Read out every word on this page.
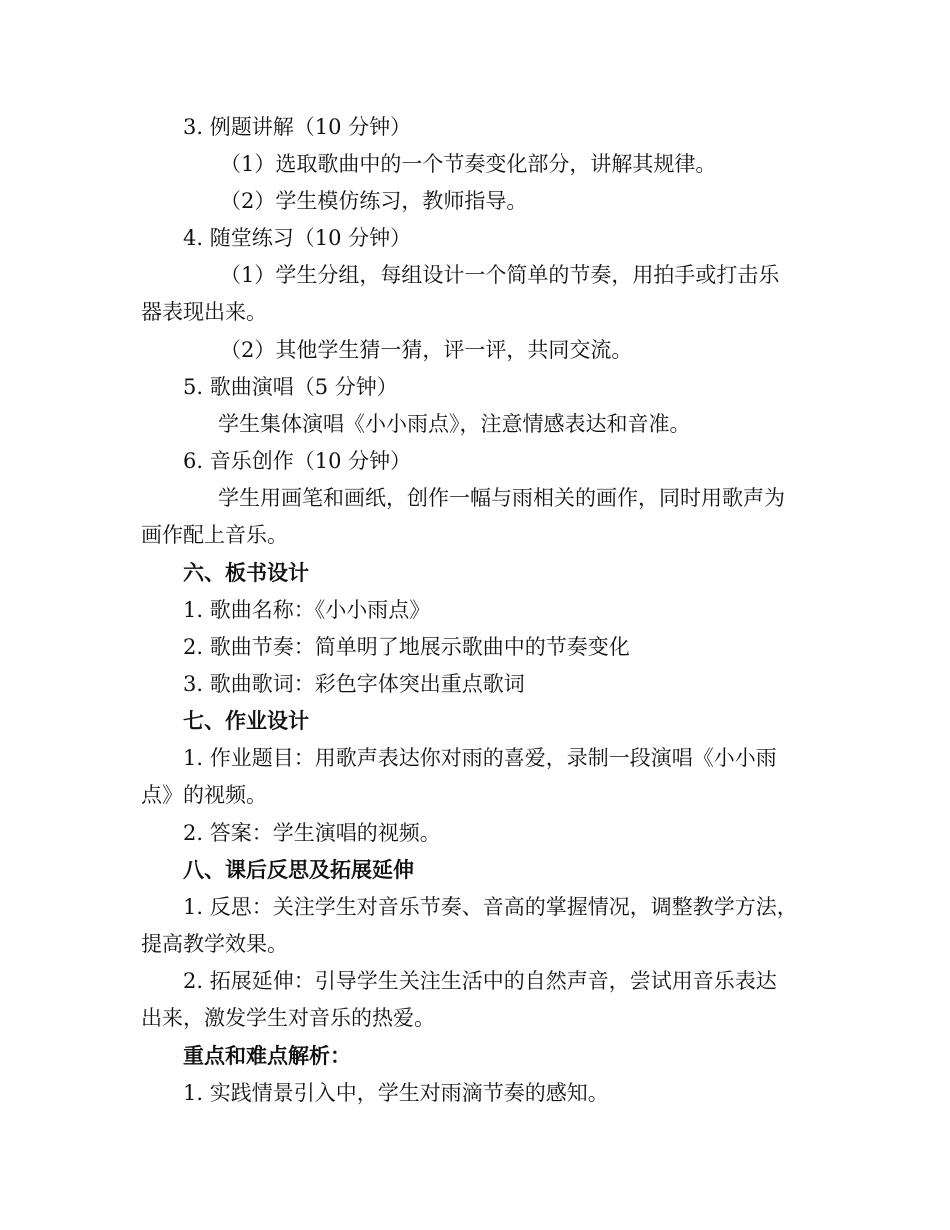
3. 例题讲解（10 分钟）
（1）选取歌曲中的一个节奏变化部分，讲解其规律。
（2）学生模仿练习，教师指导。
4. 随堂练习（10 分钟）
（1）学生分组，每组设计一个简单的节奏，用拍手或打击乐
器表现出来。
（2）其他学生猜一猜，评一评，共同交流。
5. 歌曲演唱（5 分钟）
学生集体演唱《小小雨点》，注意情感表达和音准。
6. 音乐创作（10 分钟）
学生用画笔和画纸，创作一幅与雨相关的画作，同时用歌声为
画作配上音乐。
六、板书设计
1. 歌曲名称：《小小雨点》
2. 歌曲节奏：简单明了地展示歌曲中的节奏变化
3. 歌曲歌词：彩色字体突出重点歌词
七、作业设计
1. 作业题目：用歌声表达你对雨的喜爱，录制一段演唱《小小雨
点》的视频。
2. 答案：学生演唱的视频。
八、课后反思及拓展延伸
1. 反思：关注学生对音乐节奏、音高的掌握情况，调整教学方法，
提高教学效果。
2. 拓展延伸：引导学生关注生活中的自然声音，尝试用音乐表达
出来，激发学生对音乐的热爱。
重点和难点解析：
1. 实践情景引入中，学生对雨滴节奏的感知。
